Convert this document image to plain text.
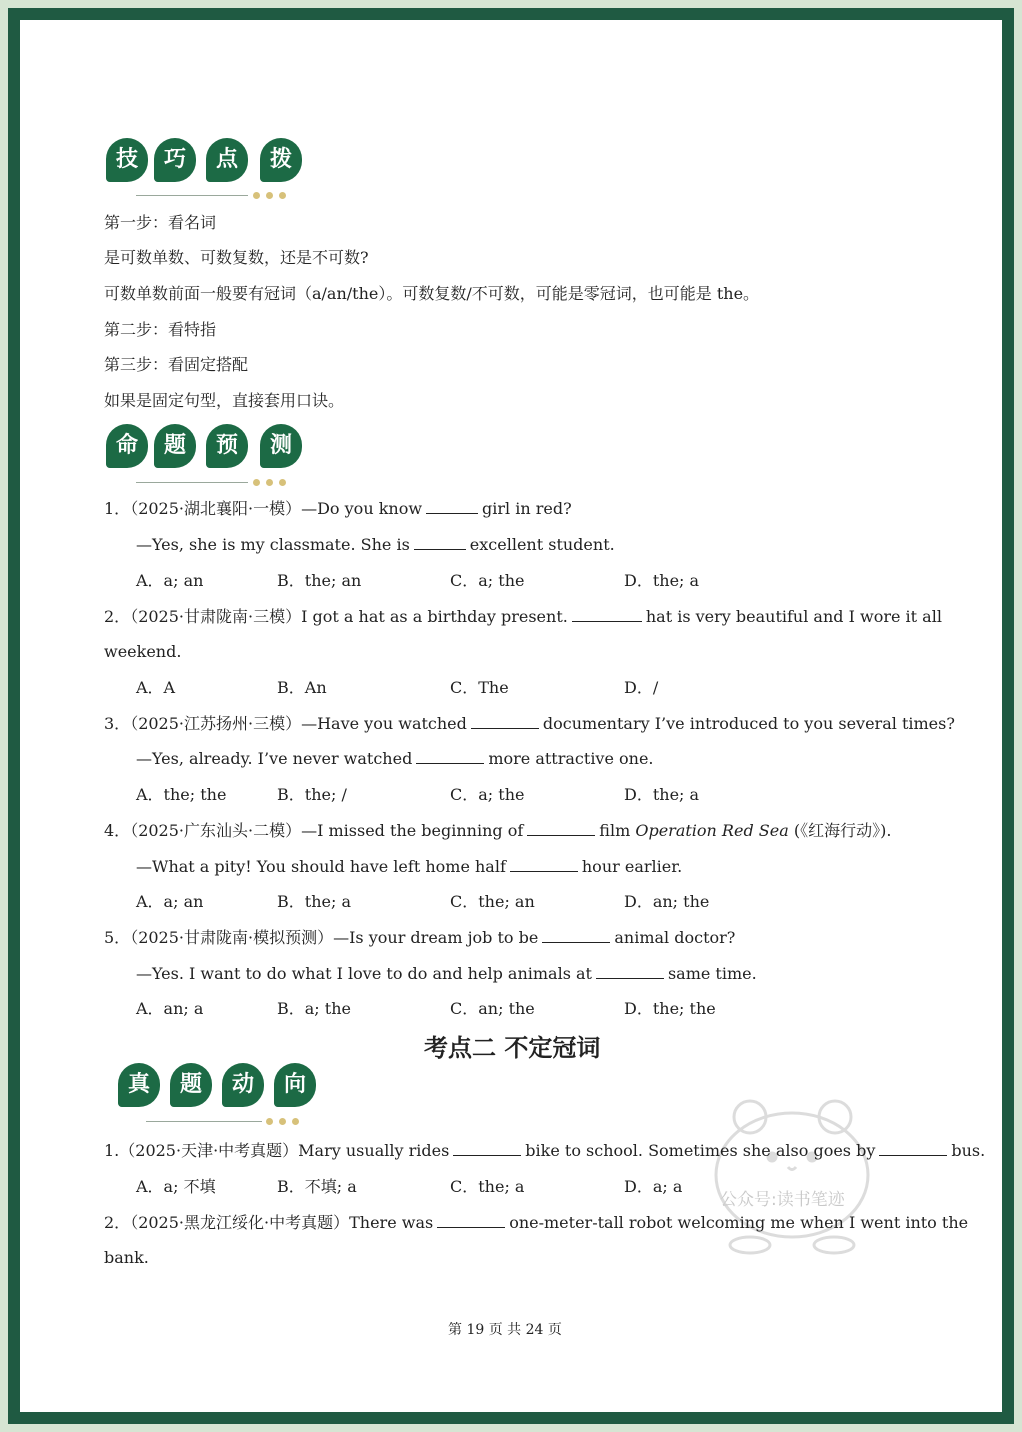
技	巧	点	拨
第一步：看名词
是可数单数、可数复数，还是不可数?
可数单数前面一般要有冠词（a/an/the）。可数复数/不可数，可能是零冠词，也可能是 the。
第二步：看特指
第三步：看固定搭配
如果是固定句型，直接套用口诀。
命	题	预	测
1．（2025·湖北襄阳·一模）—Do you know	girl in red?
—Yes, she is my classmate. She is	excellent student.
A．a; an	B．the; an	C．a; the	D．the; a
2．（2025·甘肃陇南·三模）I got a hat as a birthday present.	hat is very beautiful and I wore it all
weekend.
A．A	B．An	C．The	D．/
3．（2025·江苏扬州·三模）—Have you watched	documentary I’ve introduced to you several times?
—Yes, already. I’ve never watched	more attractive one.
A．the; the	B．the; /	C．a; the	D．the; a
4．（2025·广东汕头·二模）—I missed the beginning of	film Operation Red Sea (《红海行动》).
—What a pity! You should have left home half	hour earlier.
A．a; an	B．the; a	C．the; an	D．an; the
5．（2025·甘肃陇南·模拟预测）—Is your dream job to be	animal doctor?
—Yes. I want to do what I love to do and help animals at	same time.
A．an; a	B．a; the	C．an; the	D．the; the
考点二 不定冠词
真	题	动	向
公众号:读书笔迹
1.（2025·天津·中考真题）Mary usually rides	bike to school. Sometimes she also goes by	bus.
A．a; 不填	B．不填; a	C．the; a	D．a; a
2．（2025·黑龙江绥化·中考真题）There was	one-meter-tall robot welcoming me when I went into the
bank.
第 19 页 共 24 页
